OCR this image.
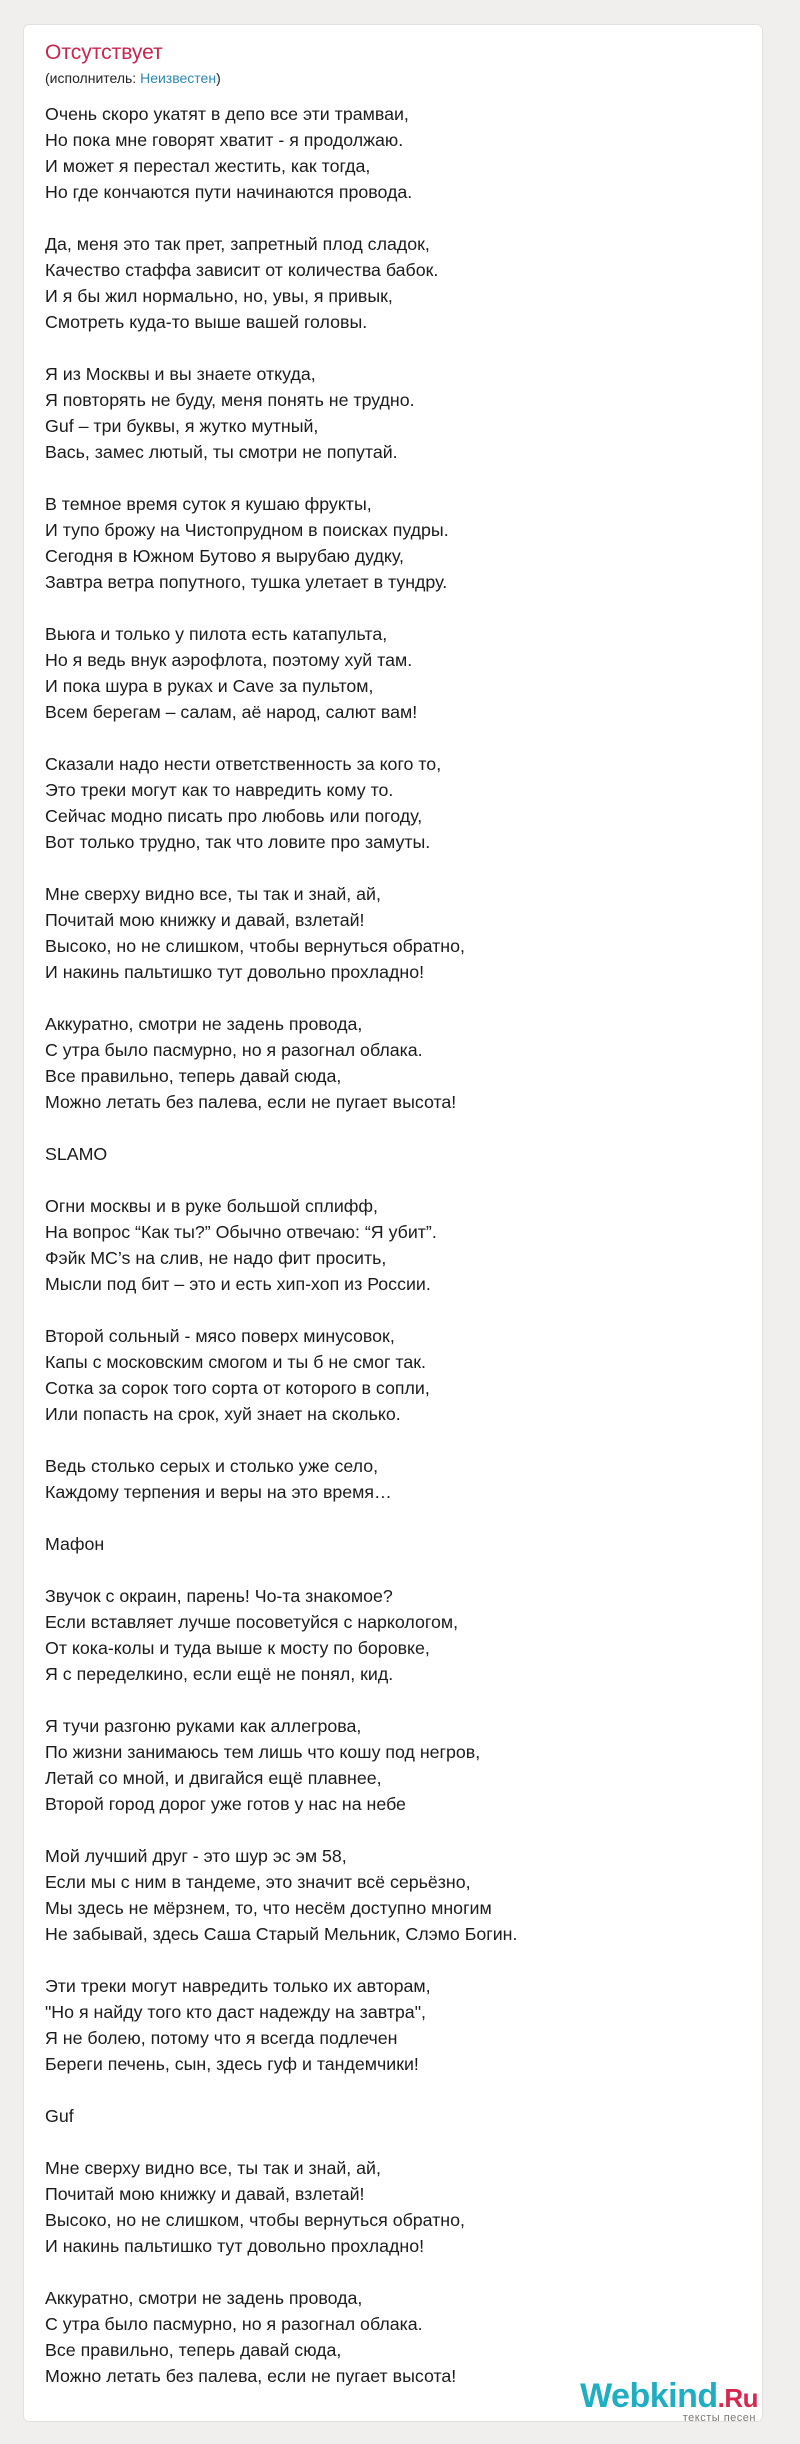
Отсутствует
(исполнитель: Неизвестен)
Очень скоро укатят в депо все эти трамваи,
Но пока мне говорят хватит - я продолжаю.
И может я перестал жестить, как тогда,
Но где кончаются пути начинаются провода.
Да, меня это так прет, запретный плод сладок,
Качество стаффа зависит от количества бабок.
И я бы жил нормально, но, увы, я привык,
Смотреть куда-то выше вашей головы.
Я из Москвы и вы знаете откуда,
Я повторять не буду, меня понять не трудно.
Guf – три буквы, я жутко мутный,
Вась, замес лютый, ты смотри не попутай.
В темное время суток я кушаю фрукты,
И тупо брожу на Чистопрудном в поисках пудры.
Сегодня в Южном Бутово я вырубаю дудку,
Завтра ветра попутного, тушка улетает в тундру.
Вьюга и только у пилота есть катапульта,
Но я ведь внук аэрофлота, поэтому хуй там.
И пока шура в руках и Cave за пультом,
Всем берегам – салам, аё народ, салют вам!
Сказали надо нести ответственность за кого то,
Это треки могут как то навредить кому то.
Сейчас модно писать про любовь или погоду,
Вот только трудно, так что ловите про замуты.
Мне сверху видно все, ты так и знай, ай,
Почитай мою книжку и давай, взлетай!
Высоко, но не слишком, чтобы вернуться обратно,
И накинь пальтишко тут довольно прохладно!
Аккуратно, смотри не задень провода,
С утра было пасмурно, но я разогнал облака.
Все правильно, теперь давай сюда,
Можно летать без палева, если не пугает высота!
SLAMO
Огни москвы и в руке большой сплифф,
На вопрос “Как ты?” Обычно отвечаю: “Я убит”.
Фэйк MC’s на слив, не надо фит просить,
Мысли под бит – это и есть хип-хоп из России.
Второй сольный - мясо поверх минусовок,
Капы с московским смогом и ты б не смог так.
Сотка за сорок того сорта от которого в сопли,
Или попасть на срок, хуй знает на сколько.
Ведь столько серых и столько уже село,
Каждому терпения и веры на это время…
Мафон
Звучок с окраин, парень! Чо-та знакомое?
Если вставляет лучше посоветуйся с наркологом,
От кока-колы и туда выше к мосту по боровке,
Я с переделкино, если ещё не понял, кид.
Я тучи разгоню руками как аллегрова,
По жизни занимаюсь тем лишь что кошу под негров,
Летай со мной, и двигайся ещё плавнее,
Второй город дорог уже готов у нас на небе
Мой лучший друг - это шур эс эм 58,
Если мы с ним в тандеме, это значит всё серьёзно,
Мы здесь не мёрзнем, то, что несём доступно многим
Не забывай, здесь Саша Старый Мельник, Слэмо Богин.
Эти треки могут навредить только их авторам,
"Но я найду того кто даст надежду на завтра",
Я не болею, потому что я всегда подлечен
Береги печень, сын, здесь гуф и тандемчики!
Guf
Мне сверху видно все, ты так и знай, ай,
Почитай мою книжку и давай, взлетай!
Высоко, но не слишком, чтобы вернуться обратно,
И накинь пальтишко тут довольно прохладно!
Аккуратно, смотри не задень провода,
С утра было пасмурно, но я разогнал облака.
Все правильно, теперь давай сюда,
Можно летать без палева, если не пугает высота!
Webkind.Ru
тексты песен
